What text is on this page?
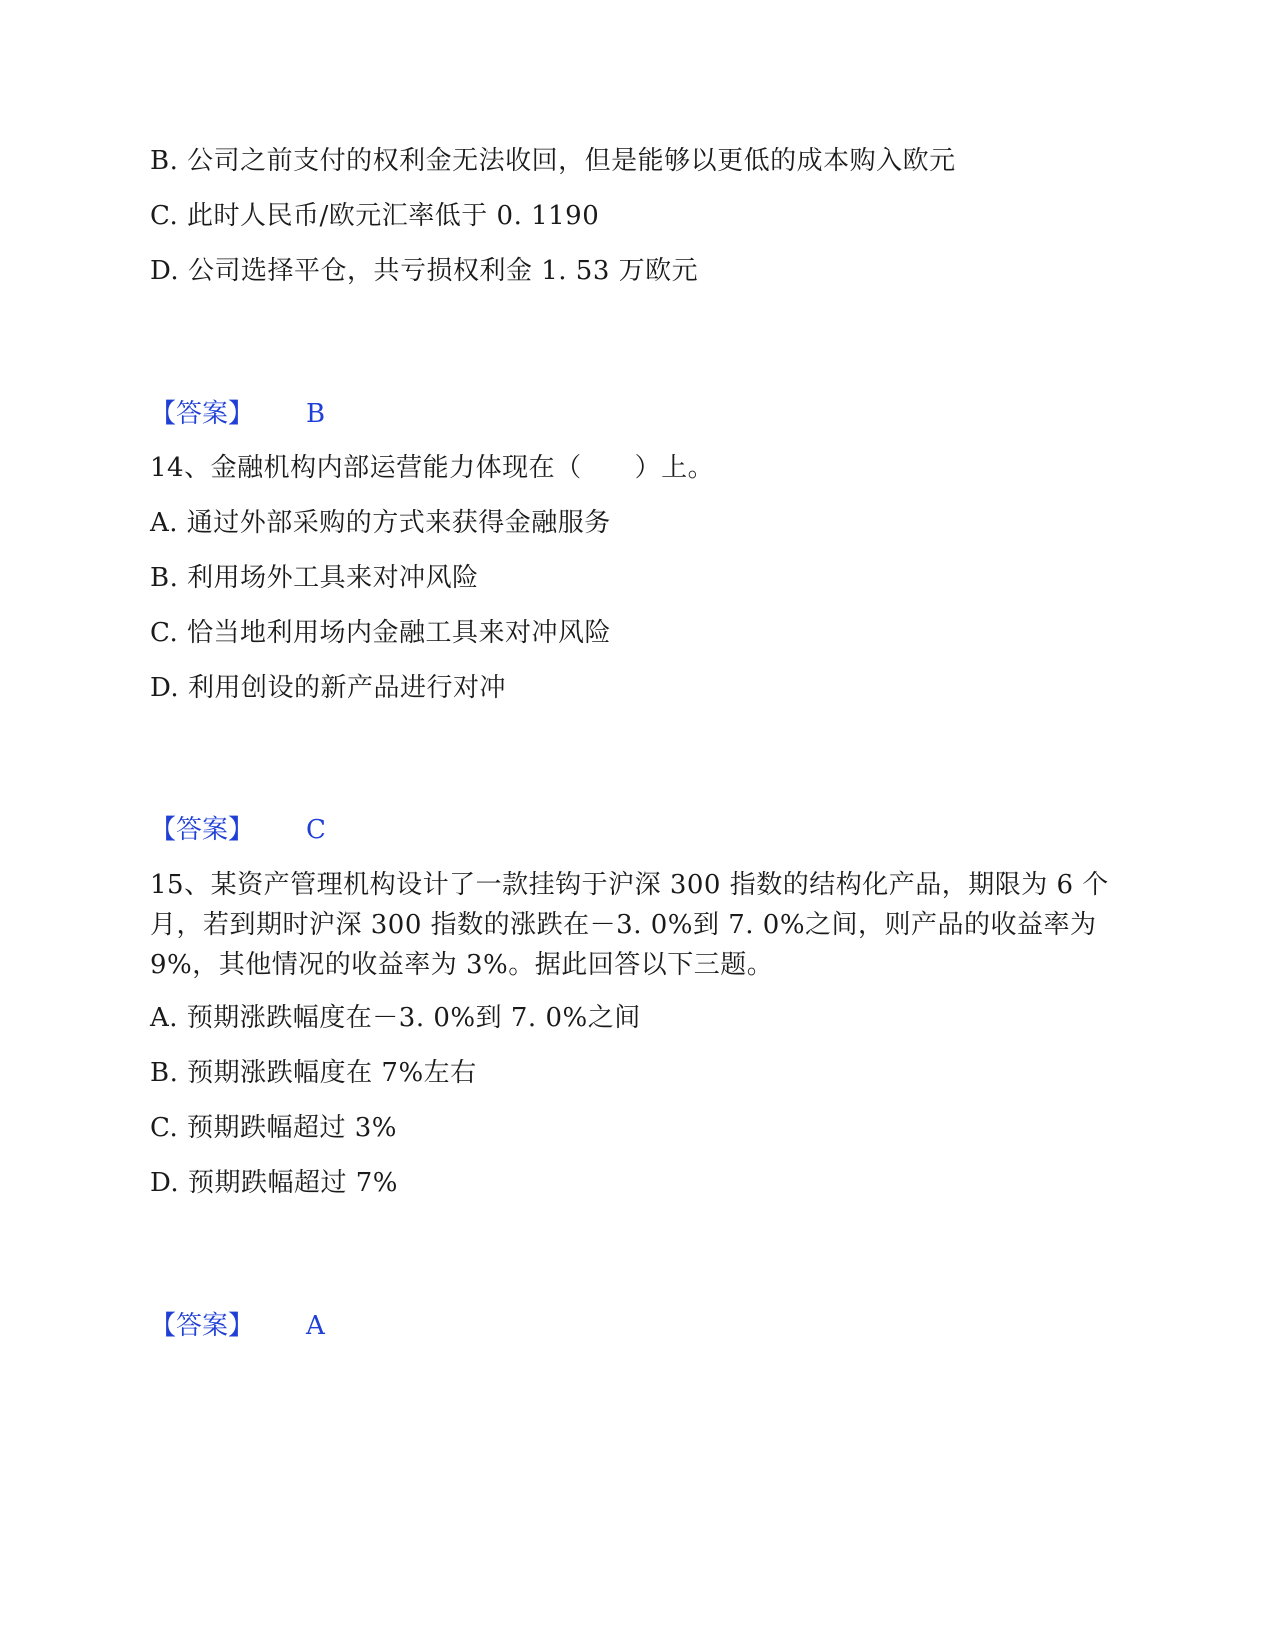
B. 公司之前支付的权利金无法收回，但是能够以更低的成本购入欧元
C. 此时人民币/欧元汇率低于 0. 1190
D. 公司选择平仓，共亏损权利金 1. 53 万欧元
【答案】 B
14、金融机构内部运营能力体现在（　　）上。
A. 通过外部采购的方式来获得金融服务
B. 利用场外工具来对冲风险
C. 恰当地利用场内金融工具来对冲风险
D. 利用创设的新产品进行对冲
【答案】 C
15、某资产管理机构设计了一款挂钩于沪深 300 指数的结构化产品，期限为 6 个月，若到期时沪深 300 指数的涨跌在－3. 0%到 7. 0%之间，则产品的收益率为 9%，其他情况的收益率为 3%。据此回答以下三题。
A. 预期涨跌幅度在－3. 0%到 7. 0%之间
B. 预期涨跌幅度在 7%左右
C. 预期跌幅超过 3%
D. 预期跌幅超过 7%
【答案】 A
